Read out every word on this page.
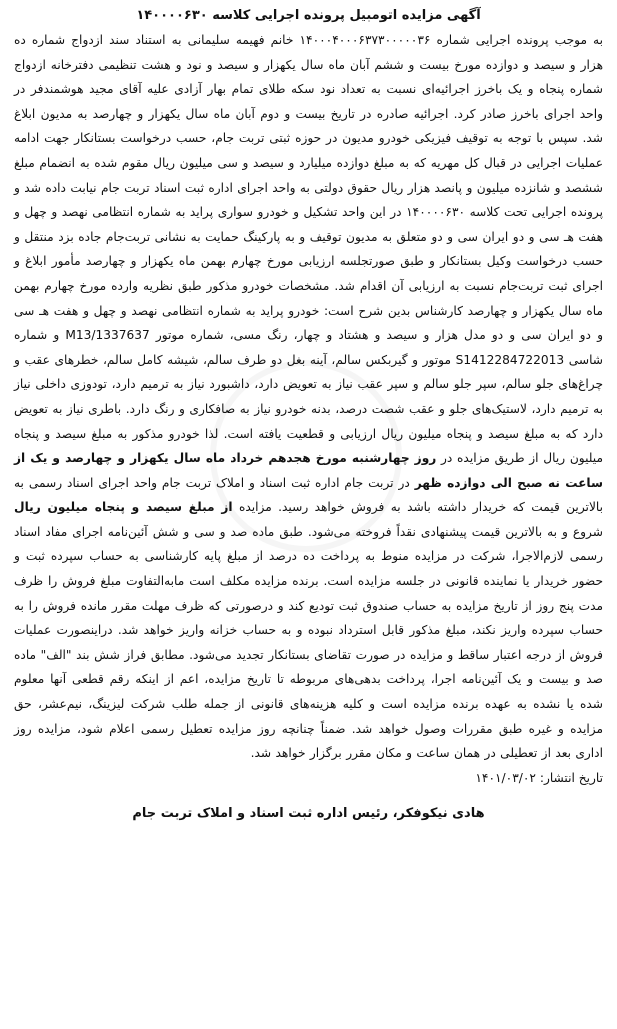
آگهی مزایده اتومبیل پرونده اجرایی کلاسه ۱۴۰۰۰۰۶۳۰

به موجب پرونده اجرایی شماره ۱۴۰۰۰۴۰۰۰۶۳۷۳۰۰۰۰۰۳۶ خانم فهیمه سلیمانی به استناد سند ازدواج شماره ده هزار و سیصد و دوازده مورخ بیست و ششم آبان ماه سال یکهزار و سیصد و نود و هشت تنظیمی دفترخانه ازدواج شماره پنجاه و یک باخرز اجرائیه‌ای نسبت به تعداد نود سکه طلای تمام بهار آزادی علیه آقای مجید هوشمندفر در واحد اجرای باخرز صادر کرد. اجرائیه صادره در تاریخ بیست و دوم آبان ماه سال یکهزار و چهارصد به مدیون ابلاغ شد. سپس با توجه به توقیف فیزیکی خودرو مدیون در حوزه ثبتی تربت جام، حسب درخواست بستانکار جهت ادامه عملیات اجرایی در قبال کل مهریه که به مبلغ دوازده میلیارد و سیصد و سی میلیون ریال مقوم شده به انضمام مبلغ ششصد و شانزده میلیون و پانصد هزار ریال حقوق دولتی به واحد اجرای اداره ثبت اسناد تربت جام نیابت داده شد و پرونده اجرایی تحت کلاسه ۱۴۰۰۰۰۶۳۰ در این واحد تشکیل و خودرو سواری پراید به شماره انتظامی نهصد و چهل و هفت هـ سی و دو ایران سی و دو متعلق به مدیون توقیف و به پارکینگ حمایت به نشانی تربت‌جام جاده بزد منتقل و حسب درخواست وکیل بستانکار و طبق صورتجلسه ارزیابی مورخ چهارم بهمن ماه یکهزار و چهارصد مأمور ابلاغ و اجرای ثبت تربت‌جام نسبت به ارزیابی آن اقدام شد. مشخصات خودرو مذکور طبق نظریه وارده مورخ چهارم بهمن ماه سال یکهزار و چهارصد کارشناس بدین شرح است: خودرو پراید به شماره انتظامی نهصد و چهل و هفت هـ سی و دو ایران سی و دو مدل هزار و سیصد و هشتاد و چهار، رنگ مسی، شماره موتور M13/1337637 و شماره شاسی S1412284722013 موتور و گیربکس سالم، آینه بغل دو طرف سالم، شیشه کامل سالم، خطرهای عقب و چراغ‌های جلو سالم، سپر جلو سالم و سپر عقب نیاز به تعویض دارد، داشبورد نیاز به ترمیم دارد، تودوزی داخلی نیاز به ترمیم دارد، لاستیک‌های جلو و عقب شصت درصد، بدنه خودرو نیاز به صافکاری و رنگ دارد. باطری نیاز به تعویض دارد که به مبلغ سیصد و پنجاه میلیون ریال ارزیابی و قطعیت یافته است. لذا خودرو مذکور به مبلغ سیصد و پنجاه میلیون ریال از طریق مزایده در روز چهارشنبه مورخ هجدهم خرداد ماه سال یکهزار و چهارصد و یک از ساعت نه صبح الی دوازده ظهر در تربت جام اداره ثبت اسناد و املاک تربت جام واحد اجرای اسناد رسمی به بالاترین قیمت که خریدار داشته باشد به فروش خواهد رسید. مزایده از مبلغ سیصد و پنجاه میلیون ریال شروع و به بالاترین قیمت پیشنهادی نقداً فروخته می‌شود. طبق ماده صد و سی و شش آئین‌نامه اجرای مفاد اسناد رسمی لازم‌الاجرا، شرکت در مزایده منوط به پرداخت ده درصد از مبلغ پایه کارشناسی به حساب سپرده ثبت و حضور خریدار یا نماینده قانونی در جلسه مزایده است. برنده مزایده مکلف است مابه‌التفاوت مبلغ فروش را ظرف مدت پنج روز از تاریخ مزایده به حساب صندوق ثبت تودیع کند و درصورتی که ظرف مهلت مقرر مانده فروش را به حساب سپرده واریز نکند، مبلغ مذکور قابل استرداد نبوده و به حساب خزانه واریز خواهد شد. دراینصورت عملیات فروش از درجه اعتبار ساقط و مزایده در صورت تقاضای بستانکار تجدید می‌شود. مطابق فراز شش بند "الف" ماده صد و بیست و یک آئین‌نامه اجرا، پرداخت بدهی‌های مربوطه تا تاریخ مزایده، اعم از اینکه رقم قطعی آنها معلوم شده یا نشده به عهده برنده مزایده است و کلیه هزینه‌های قانونی از جمله طلب شرکت لیزینگ، نیم‌عشر، حق مزایده و غیره طبق مقررات وصول خواهد شد. ضمناً چنانچه روز مزایده تعطیل رسمی اعلام شود، مزایده روز اداری بعد از تعطیلی در همان ساعت و مکان مقرر برگزار خواهد شد.

تاریخ انتشار: ۱۴۰۱/۰۳/۰۲

هادی نیکوفکر، رئیس اداره ثبت اسناد و املاک تربت جام
